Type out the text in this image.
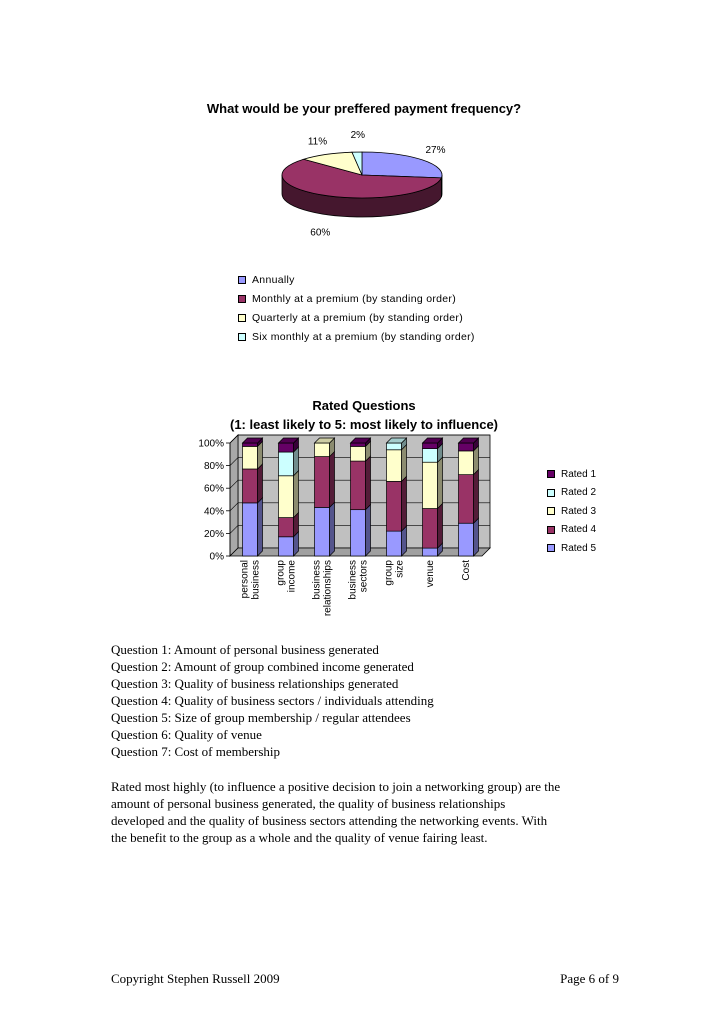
What would be your preffered payment frequency?
27%
60%
11%
2%
Annually
Monthly at a premium (by standing order)
Quarterly at a premium (by standing order)
Six monthly at a premium (by standing order)
Rated Questions
(1: least likely to 5: most likely to influence)
0%
20%
40%
60%
80%
100%
personal business group income business relationships business sectors group size venue	Cost
Rated 1
Rated 2
Rated 3
Rated 4
Rated 5
Question 1: Amount of personal business generated
Question 2: Amount of group combined income generated
Question 3: Quality of business relationships generated
Question 4: Quality of business sectors / individuals attending
Question 5: Size of group membership / regular attendees
Question 6: Quality of venue
Question 7: Cost of membership
Rated most highly (to influence a positive decision to join a networking group) are the
amount of personal business generated, the quality of business relationships
developed and the quality of business sectors attending the networking events. With
the benefit to the group as a whole and the quality of venue fairing least.
Copyright Stephen Russell 2009	Page 6 of 9
